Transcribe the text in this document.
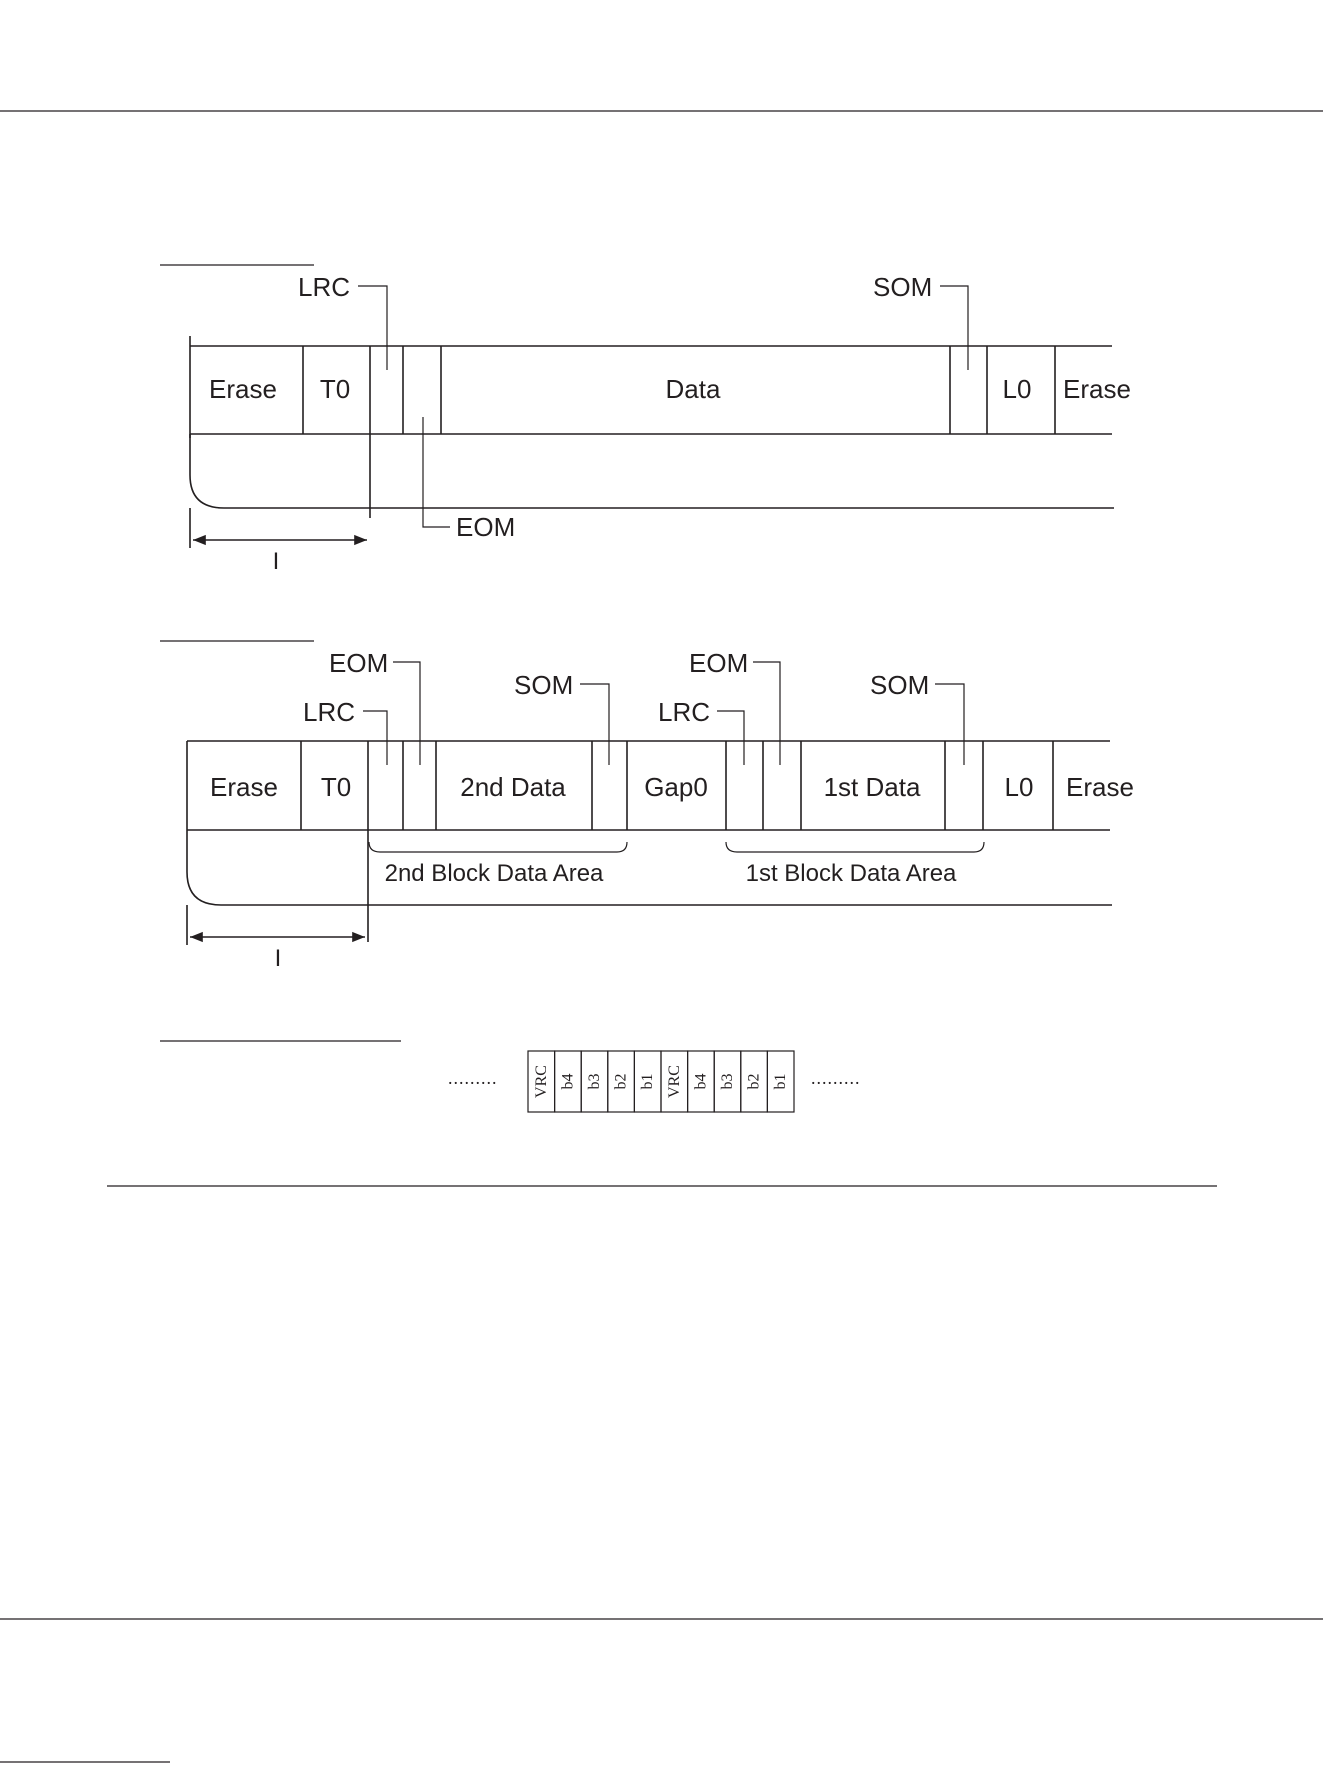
I
Erase T0	Data	L0 Erase
LRC	SOM
EOM
I
Erase T0	2nd Data	Gap0	1st Data	L0 Erase
EOM
LRC
SOM
EOM
LRC
SOM
2nd Block Data Area	1st Block Data Area
.........	.........
VRC b4 b3 b2 b1 VRC b4 b3 b2 b1
